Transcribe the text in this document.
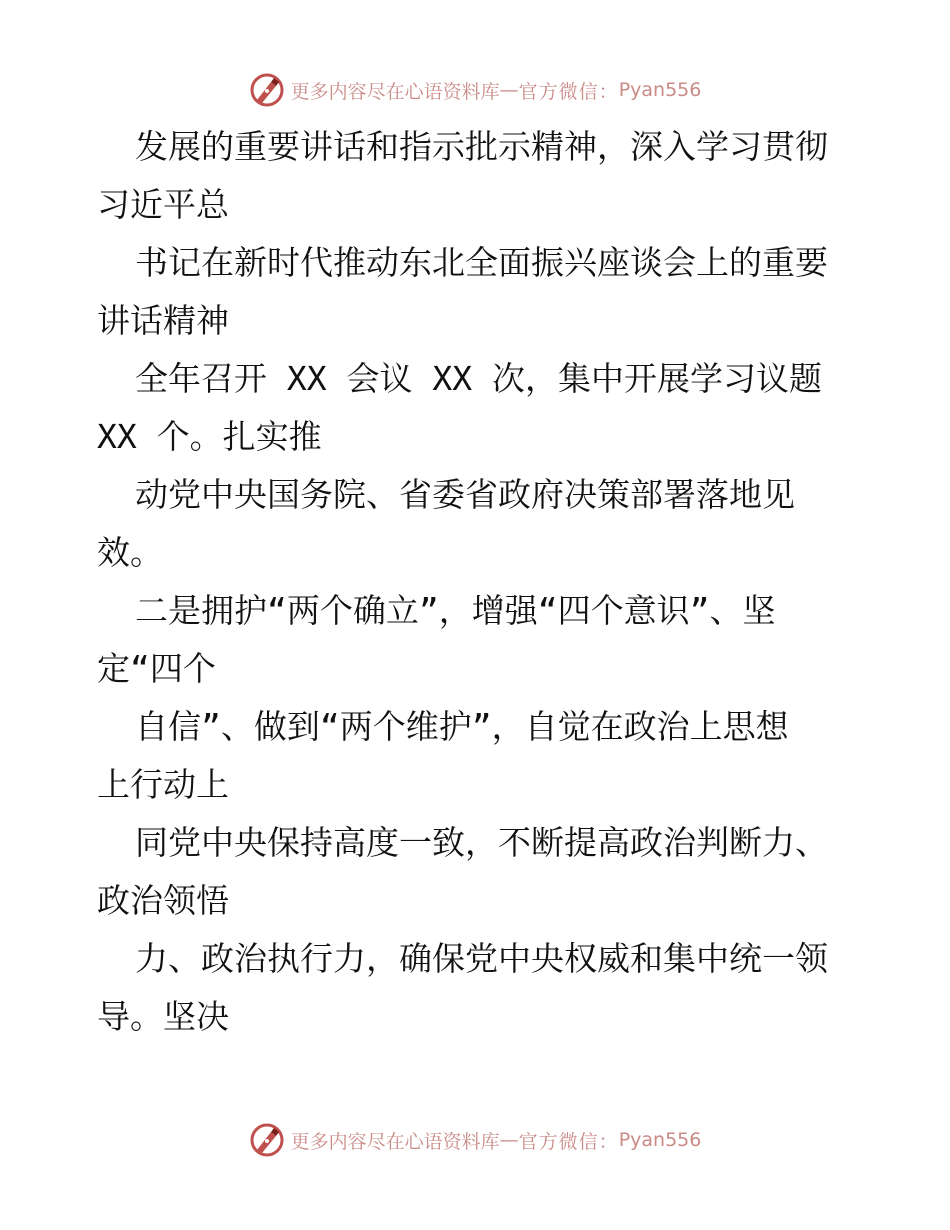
更多内容尽在心语资料库 — 官方微信： Pyan556
发展的重要讲话和指示批示精神，深入学习贯彻
习近平总
书记在新时代推动东北全面振兴座谈会上的重要
讲话精神
全年召开 XX 会议 XX 次，集中开展学习议题
XX 个。扎实推
动党中央国务院、省委省政府决策部署落地见
效。
二是拥护“两个确立”，增强“四个意识”、坚
定“四个
自信”、做到“两个维护”，自觉在政治上思想
上行动上
同党中央保持高度一致，不断提高政治判断力、
政治领悟
力、政治执行力，确保党中央权威和集中统一领
导。坚决
更多内容尽在心语资料库 — 官方微信： Pyan556
